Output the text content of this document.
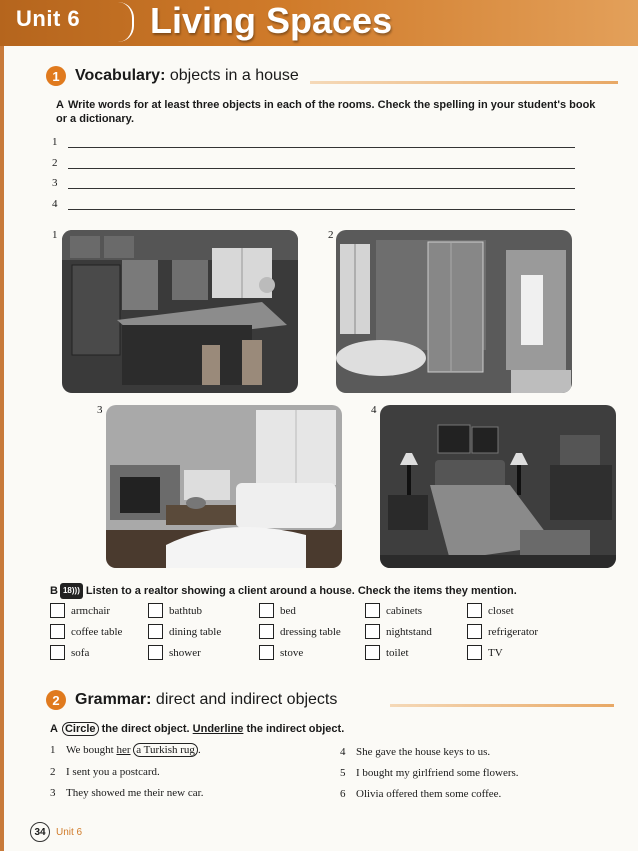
Unit 6 Living Spaces
1 Vocabulary: objects in a house
A Write words for at least three objects in each of the rooms. Check the spelling in your student's book or a dictionary.
1
2
3
4
1	2
3	4
B 18))) Listen to a realtor showing a client around a house. Check the items they mention.
armchair	bathtub	bed	cabinets	closet
coffee table	dining table	dressing table	nightstand	refrigerator
sofa	shower	stove	toilet	TV
2 Grammar: direct and indirect objects
A Circle the direct object. Underline the indirect object.
1 We bought her a Turkish rug .
2 I sent you a postcard.
3 They showed me their new car.
4 She gave the house keys to us.
5 I bought my girlfriend some flowers.
6 Olivia offered them some coffee.
34	Unit 6
